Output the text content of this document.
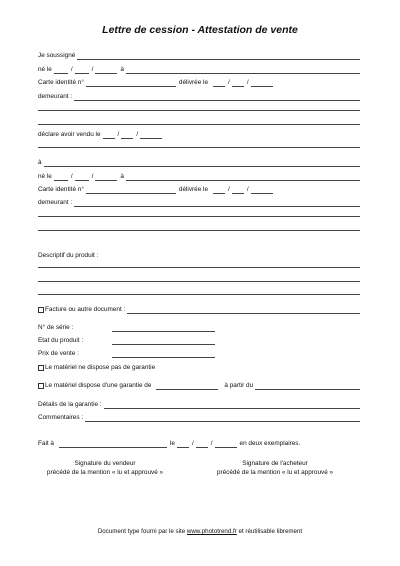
Lettre de cession - Attestation de vente
Je soussigné
né le	/	/	à
Carte identité n°	délivrée le	/	/
demeurant :
déclare avoir vendu le	/	/
à
né le	/	/	à
Carte identité n°	délivrée le	/	/
demeurant :
Descriptif du produit :
Facture ou autre document :
N° de série :
Etat du produit :
Prix de vente :
Le matériel ne dispose pas de garantie
Le matériel dispose d'une garantie de	à partir du
Détails de la garantie :
Commentaires :
Fait à	le	/	/	en deux exemplaires.
Signature du vendeur
précédé de la mention « lu et approuvé »
Signature de l'acheteur
précédé de la mention « lu et approuvé »
Document type fourni par le site www.phototrend.fr et réutilisable librement
